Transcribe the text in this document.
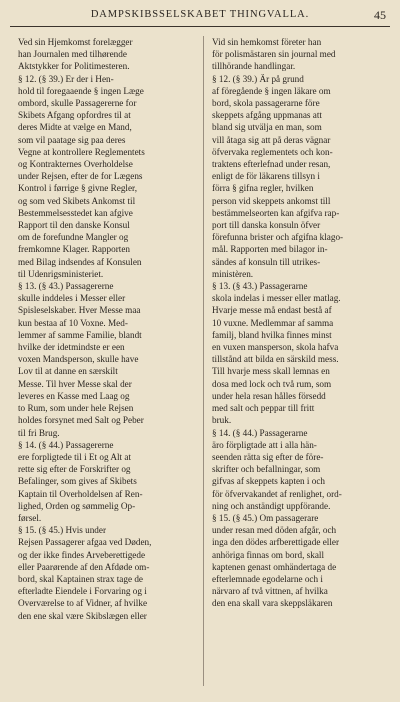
DAMPSKIBSSELSKABET THINGVALLA.	45
Ved sin Hjemkomst forelægger
han Journalen med tilhørende
Aktstykker for Politimesteren.
§ 12. (§ 39.) Er der i Hen-
hold til foregaaende § ingen Læge
ombord, skulle Passagererne for
Skibets Afgang opfordres til at
deres Midte at vælge en Mand,
som vil paatage sig paa deres
Vegne at kontrollere Reglementets
og Kontrakternes Overholdelse
under Rejsen, efter de for Lægens
Kontrol i førrige § givne Regler,
og som ved Skibets Ankomst til
Bestemmelsesstedet kan afgive
Rapport til den danske Konsul
om de forefundne Mangler og
fremkomne Klager. Rapporten
med Bilag indsendes af Konsulen
til Udenrigsministeriet.
§ 13. (§ 43.) Passagererne
skulle inddeles i Messer eller
Spisleselskaber. Hver Messe maa
kun bestaa af 10 Voxne. Med-
lemmer af samme Familie, blandt
hvilke der idetmindste er een
voxen Mandsperson, skulle have
Lov til at danne en særskilt
Messe. Til hver Messe skal der
leveres en Kasse med Laag og
to Rum, som under hele Rejsen
holdes forsynet med Salt og Peber
til fri Brug.
§ 14. (§ 44.) Passagererne
ere forpligtede til i Et og Alt at
rette sig efter de Forskrifter og
Befalinger, som gives af Skibets
Kaptain til Overholdelsen af Ren-
lighed, Orden og sømmelig Op-
førsel.
§ 15. (§ 45.) Hvis under
Rejsen Passagerer afgaa ved Døden,
og der ikke findes Arveberettigede
eller Paarørende af den Afdøde om-
bord, skal Kaptainen strax tage de
efterladte Eiendele i Forvaring og i
Overværelse to af Vidner, af hvilke
den ene skal være Skibslægen eller
Vid sin hemkomst företer han
för polismästaren sin journal med
tillhörande handlingar.
§ 12. (§ 39.) Är på grund
af föregående § ingen läkare om
bord, skola passagerarne före
skeppets afgång uppmanas att
bland sig utvälja en man, som
vill åtaga sig att på deras vägnar
öfvervaka reglementets och kon-
traktens efterlefnad under resan,
enligt de för läkarens tillsyn i
förra § gifna regler, hvilken
person vid skeppets ankomst till
bestämmelseorten kan afgifva rap-
port till danska konsuln öfver
förefunna brister och afgifna klago-
mål. Rapporten med bilagor in-
sändes af konsuln till utrikes-
ministèren.
§ 13. (§ 43.) Passagerarne
skola indelas i messer eller matlag.
Hvarje messe må endast bestå af
10 vuxne. Medlemmar af samma
familj, bland hvilka finnes minst
en vuxen mansperson, skola hafva
tillstånd att bilda en särskild mess.
Till hvarje mess skall lemnas en
dosa med lock och två rum, som
under hela resan hålles försedd
med salt och peppar till fritt
bruk.
§ 14. (§ 44.) Passagerarne
äro förpligtade att i alla hän-
seenden rätta sig efter de före-
skrifter och befallningar, som
gifvas af skeppets kapten i och
för öfvervakandet af renlighet, ord-
ning och anständigt uppförande.
§ 15. (§ 45.) Om passagerare
under resan med döden afgår, och
inga den dödes arfberettigade eller
anhöriga finnas om bord, skall
kaptenen genast omhändertaga de
efterlemnade egodelarne och i
närvaro af två vittnen, af hvilka
den ena skall vara skeppsläkaren
